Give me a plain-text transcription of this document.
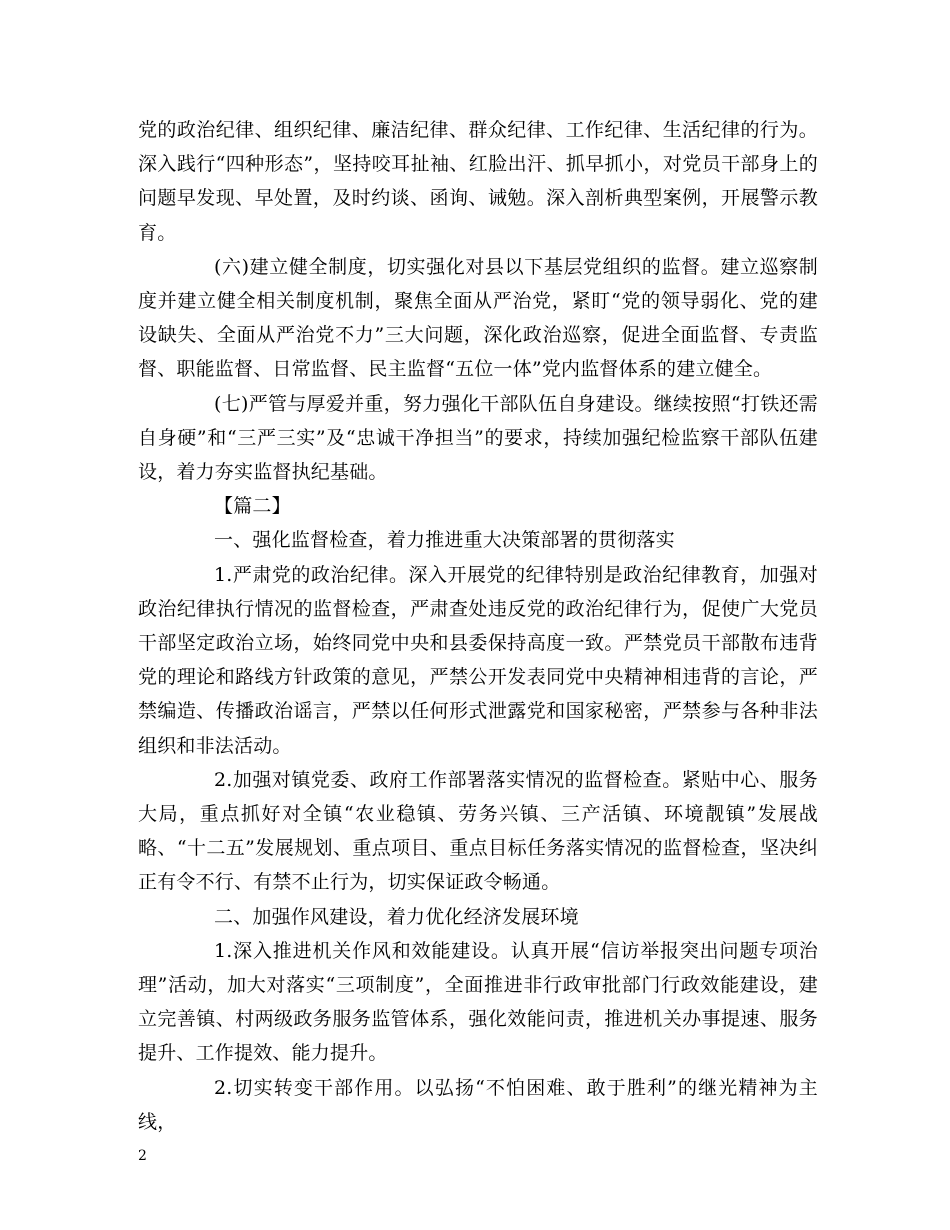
党的政治纪律、组织纪律、廉洁纪律、群众纪律、工作纪律、生活纪律的行为。深入践行“四种形态”，坚持咬耳扯袖、红脸出汗、抓早抓小，对党员干部身上的问题早发现、早处置，及时约谈、函询、诫勉。深入剖析典型案例，开展警示教育。

(六)建立健全制度，切实强化对县以下基层党组织的监督。建立巡察制度并建立健全相关制度机制，聚焦全面从严治党，紧盯“党的领导弱化、党的建设缺失、全面从严治党不力”三大问题，深化政治巡察，促进全面监督、专责监督、职能监督、日常监督、民主监督“五位一体”党内监督体系的建立健全。

(七)严管与厚爱并重，努力强化干部队伍自身建设。继续按照“打铁还需自身硬”和“三严三实”及“忠诚干净担当”的要求，持续加强纪检监察干部队伍建设，着力夯实监督执纪基础。

【篇二】

一、强化监督检查，着力推进重大决策部署的贯彻落实

1.严肃党的政治纪律。深入开展党的纪律特别是政治纪律教育，加强对政治纪律执行情况的监督检查，严肃查处违反党的政治纪律行为，促使广大党员干部坚定政治立场，始终同党中央和县委保持高度一致。严禁党员干部散布违背党的理论和路线方针政策的意见，严禁公开发表同党中央精神相违背的言论，严禁编造、传播政治谣言，严禁以任何形式泄露党和国家秘密，严禁参与各种非法组织和非法活动。

2.加强对镇党委、政府工作部署落实情况的监督检查。紧贴中心、服务大局，重点抓好对全镇“农业稳镇、劳务兴镇、三产活镇、环境靓镇”发展战略、“十二五”发展规划、重点项目、重点目标任务落实情况的监督检查，坚决纠正有令不行、有禁不止行为，切实保证政令畅通。

二、加强作风建设，着力优化经济发展环境

1.深入推进机关作风和效能建设。认真开展“信访举报突出问题专项治理”活动，加大对落实“三项制度”，全面推进非行政审批部门行政效能建设，建立完善镇、村两级政务服务监管体系，强化效能问责，推进机关办事提速、服务提升、工作提效、能力提升。

2.切实转变干部作用。以弘扬“不怕困难、敢于胜利”的继光精神为主线，

2
